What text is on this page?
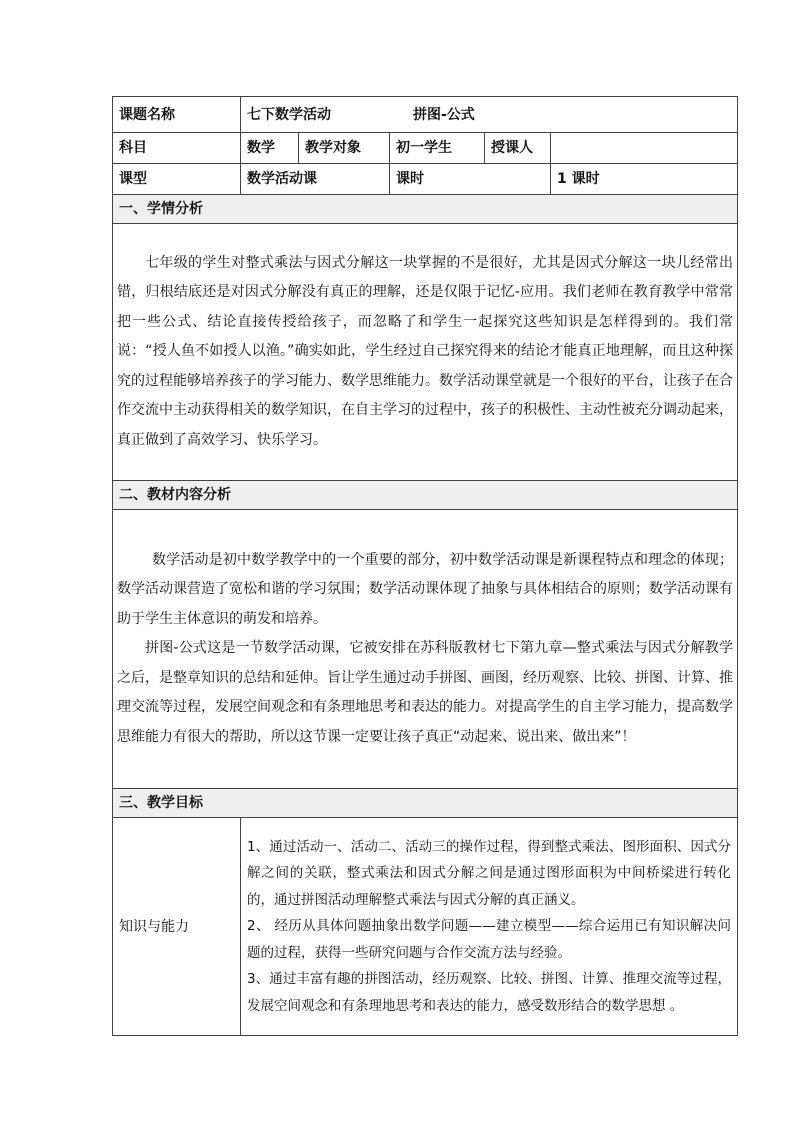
课题名称	七下数学活动 拼图-公式				
科目	数学	教学对象	初一学生	授课人	
课型	数学活动课		课时		1 课时
一、学情分析					

七年级的学生对整式乘法与因式分解这一块掌握的不是很好，尤其是因式分解这一块儿经常出错，归根结底还是对因式分解没有真正的理解，还是仅限于记忆-应用。我们老师在教育教学中常常把一些公式、结论直接传授给孩子，而忽略了和学生一起探究这些知识是怎样得到的。我们常说：“授人鱼不如授人以渔。”确实如此，学生经过自己探究得来的结论才能真正地理解，而且这种探究的过程能够培养孩子的学习能力、数学思维能力。数学活动课堂就是一个很好的平台，让孩子在合作交流中主动获得相关的数学知识，在自主学习的过程中，孩子的积极性、主动性被充分调动起来，真正做到了高效学习、快乐学习。					

二、教材内容分析					

数学活动是初中数学教学中的一个重要的部分，初中数学活动课是新课程特点和理念的体现；数学活动课营造了宽松和谐的学习氛围；数学活动课体现了抽象与具体相结合的原则；数学活动课有助于学生主体意识的萌发和培养。

拼图-公式这是一节数学活动课，它被安排在苏科版教材七下第九章—整式乘法与因式分解教学之后，是整章知识的总结和延伸。旨让学生通过动手拼图、画图，经历观察、比较、拼图、计算、推理交流等过程，发展空间观念和有条理地思考和表达的能力。对提高学生的自主学习能力，提高数学思维能力有很大的帮助，所以这节课一定要让孩子真正“动起来、说出来、做出来”！					

三、教学目标					
知识与能力	1、通过活动一、活动二、活动三的操作过程，得到整式乘法、图形面积、因式分解之间的关联，整式乘法和因式分解之间是通过图形面积为中间桥梁进行转化的，通过拼图活动理解整式乘法与因式分解的真正涵义。

2、 经历从具体问题抽象出数学问题——建立模型——综合运用已有知识解决问题的过程，获得一些研究问题与合作交流方法与经验。

3、通过丰富有趣的拼图活动，经历观察、比较、拼图、计算、推理交流等过程，发展空间观念和有条理地思考和表达的能力，感受数形结合的数学思想 。				
